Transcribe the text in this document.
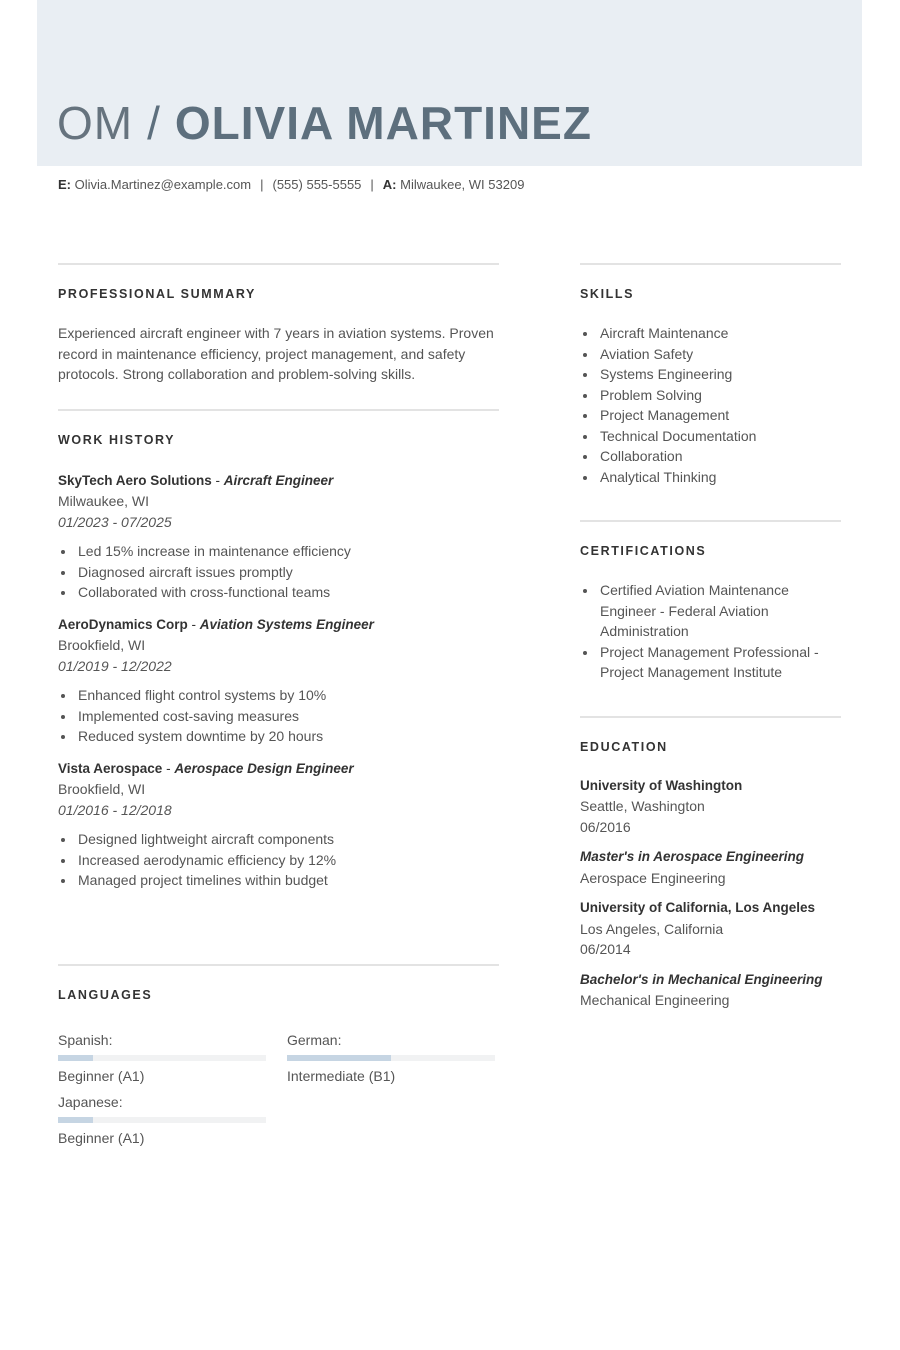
OM / OLIVIA MARTINEZ
E: Olivia.Martinez@example.com | (555) 555-5555 | A: Milwaukee, WI 53209
PROFESSIONAL SUMMARY

Experienced aircraft engineer with 7 years in aviation systems. Proven record in maintenance efficiency, project management, and safety protocols. Strong collaboration and problem-solving skills.

WORK HISTORY
SkyTech Aero Solutions - Aircraft Engineer
Milwaukee, WI
01/2023 - 07/2025
• Led 15% increase in maintenance efficiency
• Diagnosed aircraft issues promptly
• Collaborated with cross-functional teams
AeroDynamics Corp - Aviation Systems Engineer
Brookfield, WI
01/2019 - 12/2022
• Enhanced flight control systems by 10%
• Implemented cost-saving measures
• Reduced system downtime by 20 hours
Vista Aerospace - Aerospace Design Engineer
Brookfield, WI
01/2016 - 12/2018
• Designed lightweight aircraft components
• Increased aerodynamic efficiency by 12%
• Managed project timelines within budget
LANGUAGES
Spanish:
Beginner (A1)
German:
Intermediate (B1)
Japanese:
Beginner (A1)
SKILLS
• Aircraft Maintenance
• Aviation Safety
• Systems Engineering
• Problem Solving
• Project Management
• Technical Documentation
• Collaboration
• Analytical Thinking
CERTIFICATIONS
• Certified Aviation Maintenance Engineer - Federal Aviation Administration
• Project Management Professional - Project Management Institute
EDUCATION
University of Washington
Seattle, Washington
06/2016
Master's in Aerospace Engineering
Aerospace Engineering
University of California, Los Angeles
Los Angeles, California
06/2014
Bachelor's in Mechanical Engineering
Mechanical Engineering
